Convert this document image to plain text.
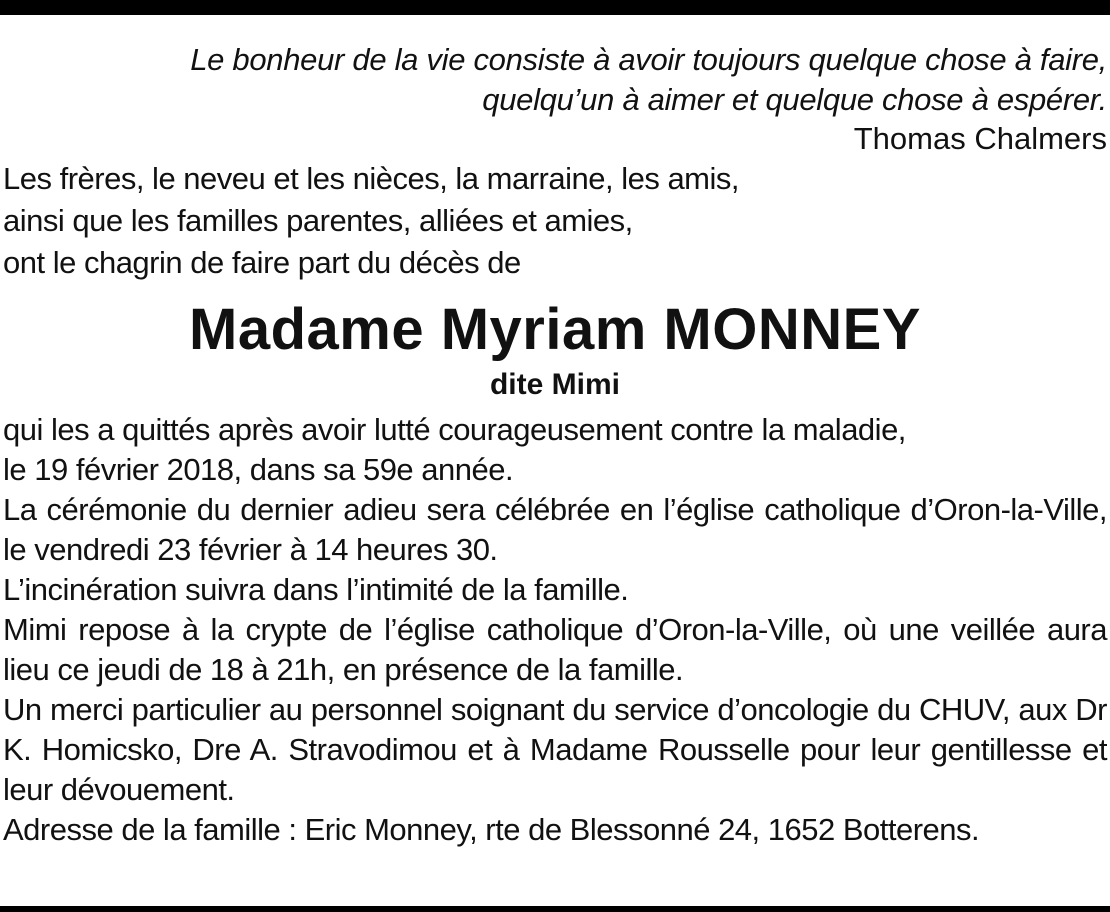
Le bonheur de la vie consiste à avoir toujours quelque chose à faire,
quelqu’un à aimer et quelque chose à espérer.
Thomas Chalmers

Les frères, le neveu et les nièces, la marraine, les amis,

ainsi que les familles parentes, alliées et amies,

ont le chagrin de faire part du décès de

Madame Myriam MONNEY
dite Mimi

qui les a quittés après avoir lutté courageusement contre la maladie,

le 19 février 2018, dans sa 59e année.

La cérémonie du dernier adieu sera célébrée en l’église catholique d’Oron-la-Ville, le vendredi 23 février à 14 heures 30.

L’incinération suivra dans l’intimité de la famille.

Mimi repose à la crypte de l’église catholique d’Oron-la-Ville, où une veillée aura lieu ce jeudi de 18 à 21h, en présence de la famille.

Un merci particulier au personnel soignant du service d’oncologie du CHUV, aux Dr K. Homicsko, Dre A. Stravodimou et à Madame Rousselle pour leur gentillesse et leur dévouement.

Adresse de la famille : Eric Monney, rte de Blessonné 24, 1652 Botterens.
